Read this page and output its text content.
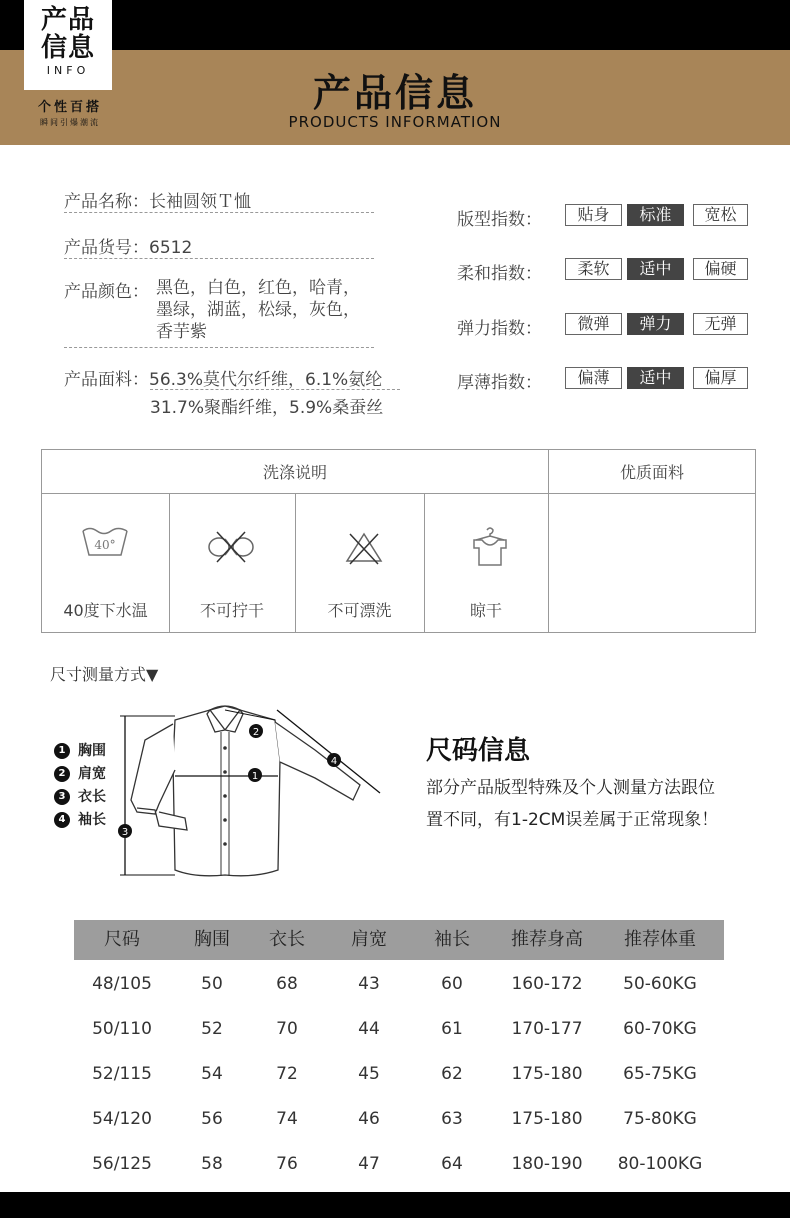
产品
信息
INFO
个性百搭
瞬间引爆潮流
产品信息
PRODUCTS INFORMATION
产品名称：长袖圆领Ｔ恤
产品货号：6512
产品颜色： 黑色，白色，红色，哈青，
墨绿，湖蓝，松绿，灰色，
香芋紫
产品面料：56.3%莫代尔纤维，6.1%氨纶
31.7%聚酯纤维，5.9%桑蚕丝
版型指数：	贴身	标准	宽松
柔和指数：	柔软	适中	偏硬
弹力指数：	微弹	弹力	无弹
厚薄指数：	偏薄	适中	偏厚
洗涤说明	优质面料
40°
40度下水温	不可拧干	不可漂洗	晾干
尺寸测量方式▼
1 胸围
2 肩宽
3 衣长
4 袖长
1
2
3
4	尺码信息
部分产品版型特殊及个人测量方法跟位
置不同，有1-2CM误差属于正常现象！
尺码	胸围	衣长	肩宽	袖长	推荐身高	推荐体重
48/105	50	68	43	60	160-172	50-60KG
50/110	52	70	44	61	170-177	60-70KG
52/115	54	72	45	62	175-180	65-75KG
54/120	56	74	46	63	175-180	75-80KG
56/125	58	76	47	64	180-190	80-100KG
